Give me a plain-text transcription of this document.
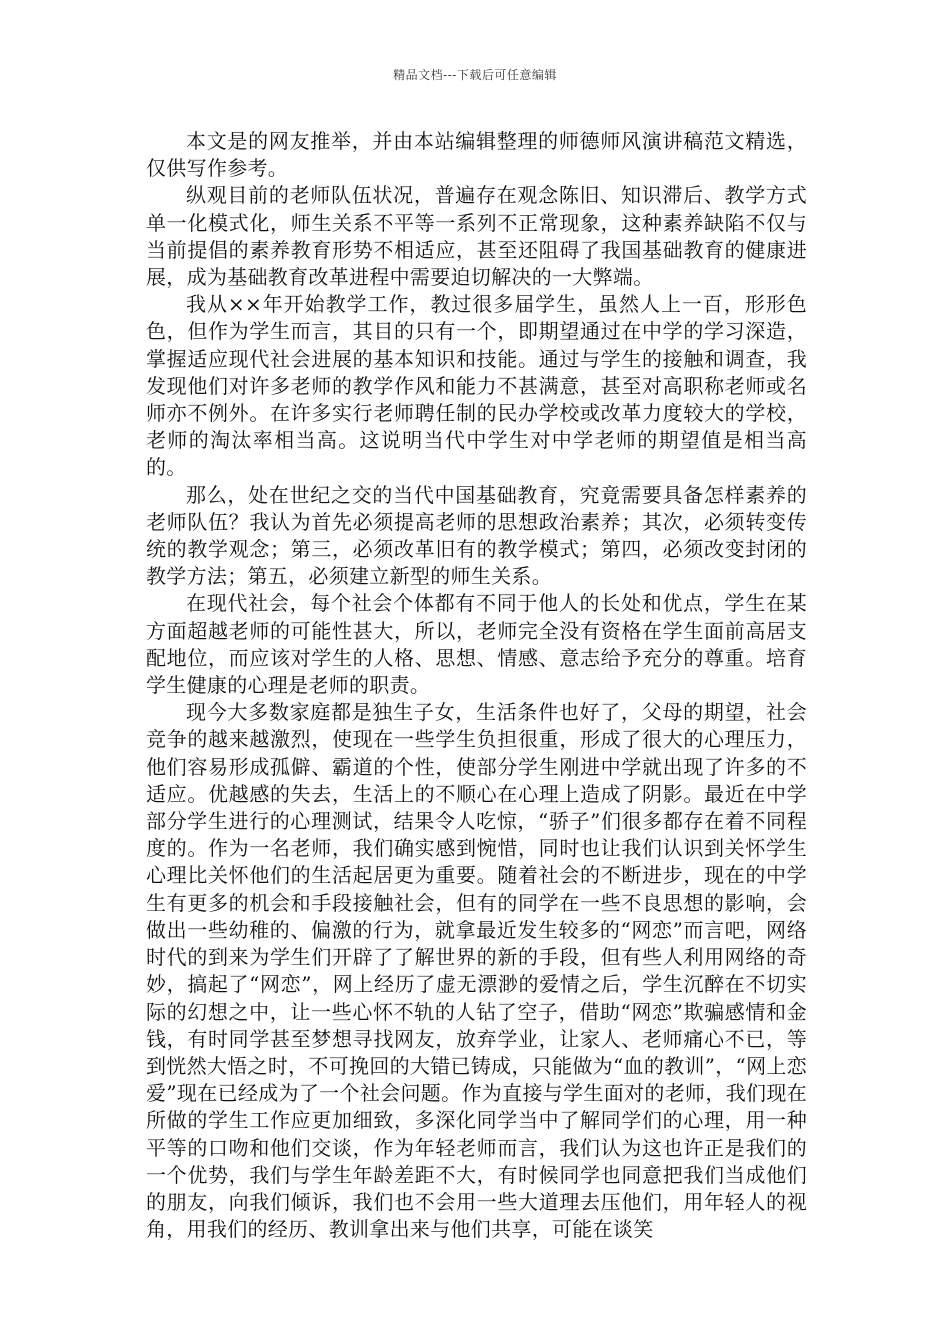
精品文档---下载后可任意编辑

本文是的网友推举，并由本站编辑整理的师德师风演讲稿范文精选，仅供写作参考。

纵观目前的老师队伍状况，普遍存在观念陈旧、知识滞后、教学方式单一化模式化，师生关系不平等一系列不正常现象，这种素养缺陷不仅与当前提倡的素养教育形势不相适应，甚至还阻碍了我国基础教育的健康进展，成为基础教育改革进程中需要迫切解决的一大弊端。

我从××年开始教学工作，教过很多届学生，虽然人上一百，形形色色，但作为学生而言，其目的只有一个，即期望通过在中学的学习深造，掌握适应现代社会进展的基本知识和技能。通过与学生的接触和调查，我发现他们对许多老师的教学作风和能力不甚满意，甚至对高职称老师或名师亦不例外。在许多实行老师聘任制的民办学校或改革力度较大的学校，老师的淘汰率相当高。这说明当代中学生对中学老师的期望值是相当高的。

那么，处在世纪之交的当代中国基础教育，究竟需要具备怎样素养的老师队伍？我认为首先必须提高老师的思想政治素养；其次，必须转变传统的教学观念；第三，必须改革旧有的教学模式；第四，必须改变封闭的教学方法；第五，必须建立新型的师生关系。

在现代社会，每个社会个体都有不同于他人的长处和优点，学生在某方面超越老师的可能性甚大，所以，老师完全没有资格在学生面前高居支配地位，而应该对学生的人格、思想、情感、意志给予充分的尊重。培育学生健康的心理是老师的职责。

现今大多数家庭都是独生子女，生活条件也好了，父母的期望，社会竞争的越来越激烈，使现在一些学生负担很重，形成了很大的心理压力，他们容易形成孤僻、霸道的个性，使部分学生刚进中学就出现了许多的不适应。优越感的失去，生活上的不顺心在心理上造成了阴影。最近在中学部分学生进行的心理测试，结果令人吃惊，“骄子”们很多都存在着不同程度的。作为一名老师，我们确实感到惋惜，同时也让我们认识到关怀学生心理比关怀他们的生活起居更为重要。随着社会的不断进步，现在的中学生有更多的机会和手段接触社会，但有的同学在一些不良思想的影响，会做出一些幼稚的、偏激的行为，就拿最近发生较多的“网恋”而言吧，网络时代的到来为学生们开辟了了解世界的新的手段，但有些人利用网络的奇妙，搞起了“网恋”，网上经历了虚无漂渺的爱情之后，学生沉醉在不切实际的幻想之中，让一些心怀不轨的人钻了空子，借助“网恋”欺骗感情和金钱，有时同学甚至梦想寻找网友，放弃学业，让家人、老师痛心不已，等到恍然大悟之时，不可挽回的大错已铸成，只能做为“血的教训”，“网上恋爱”现在已经成为了一个社会问题。作为直接与学生面对的老师，我们现在所做的学生工作应更加细致，多深化同学当中了解同学们的心理，用一种平等的口吻和他们交谈，作为年轻老师而言，我们认为这也许正是我们的一个优势，我们与学生年龄差距不大，有时候同学也同意把我们当成他们的朋友，向我们倾诉，我们也不会用一些大道理去压他们，用年轻人的视角，用我们的经历、教训拿出来与他们共享，可能在谈笑
